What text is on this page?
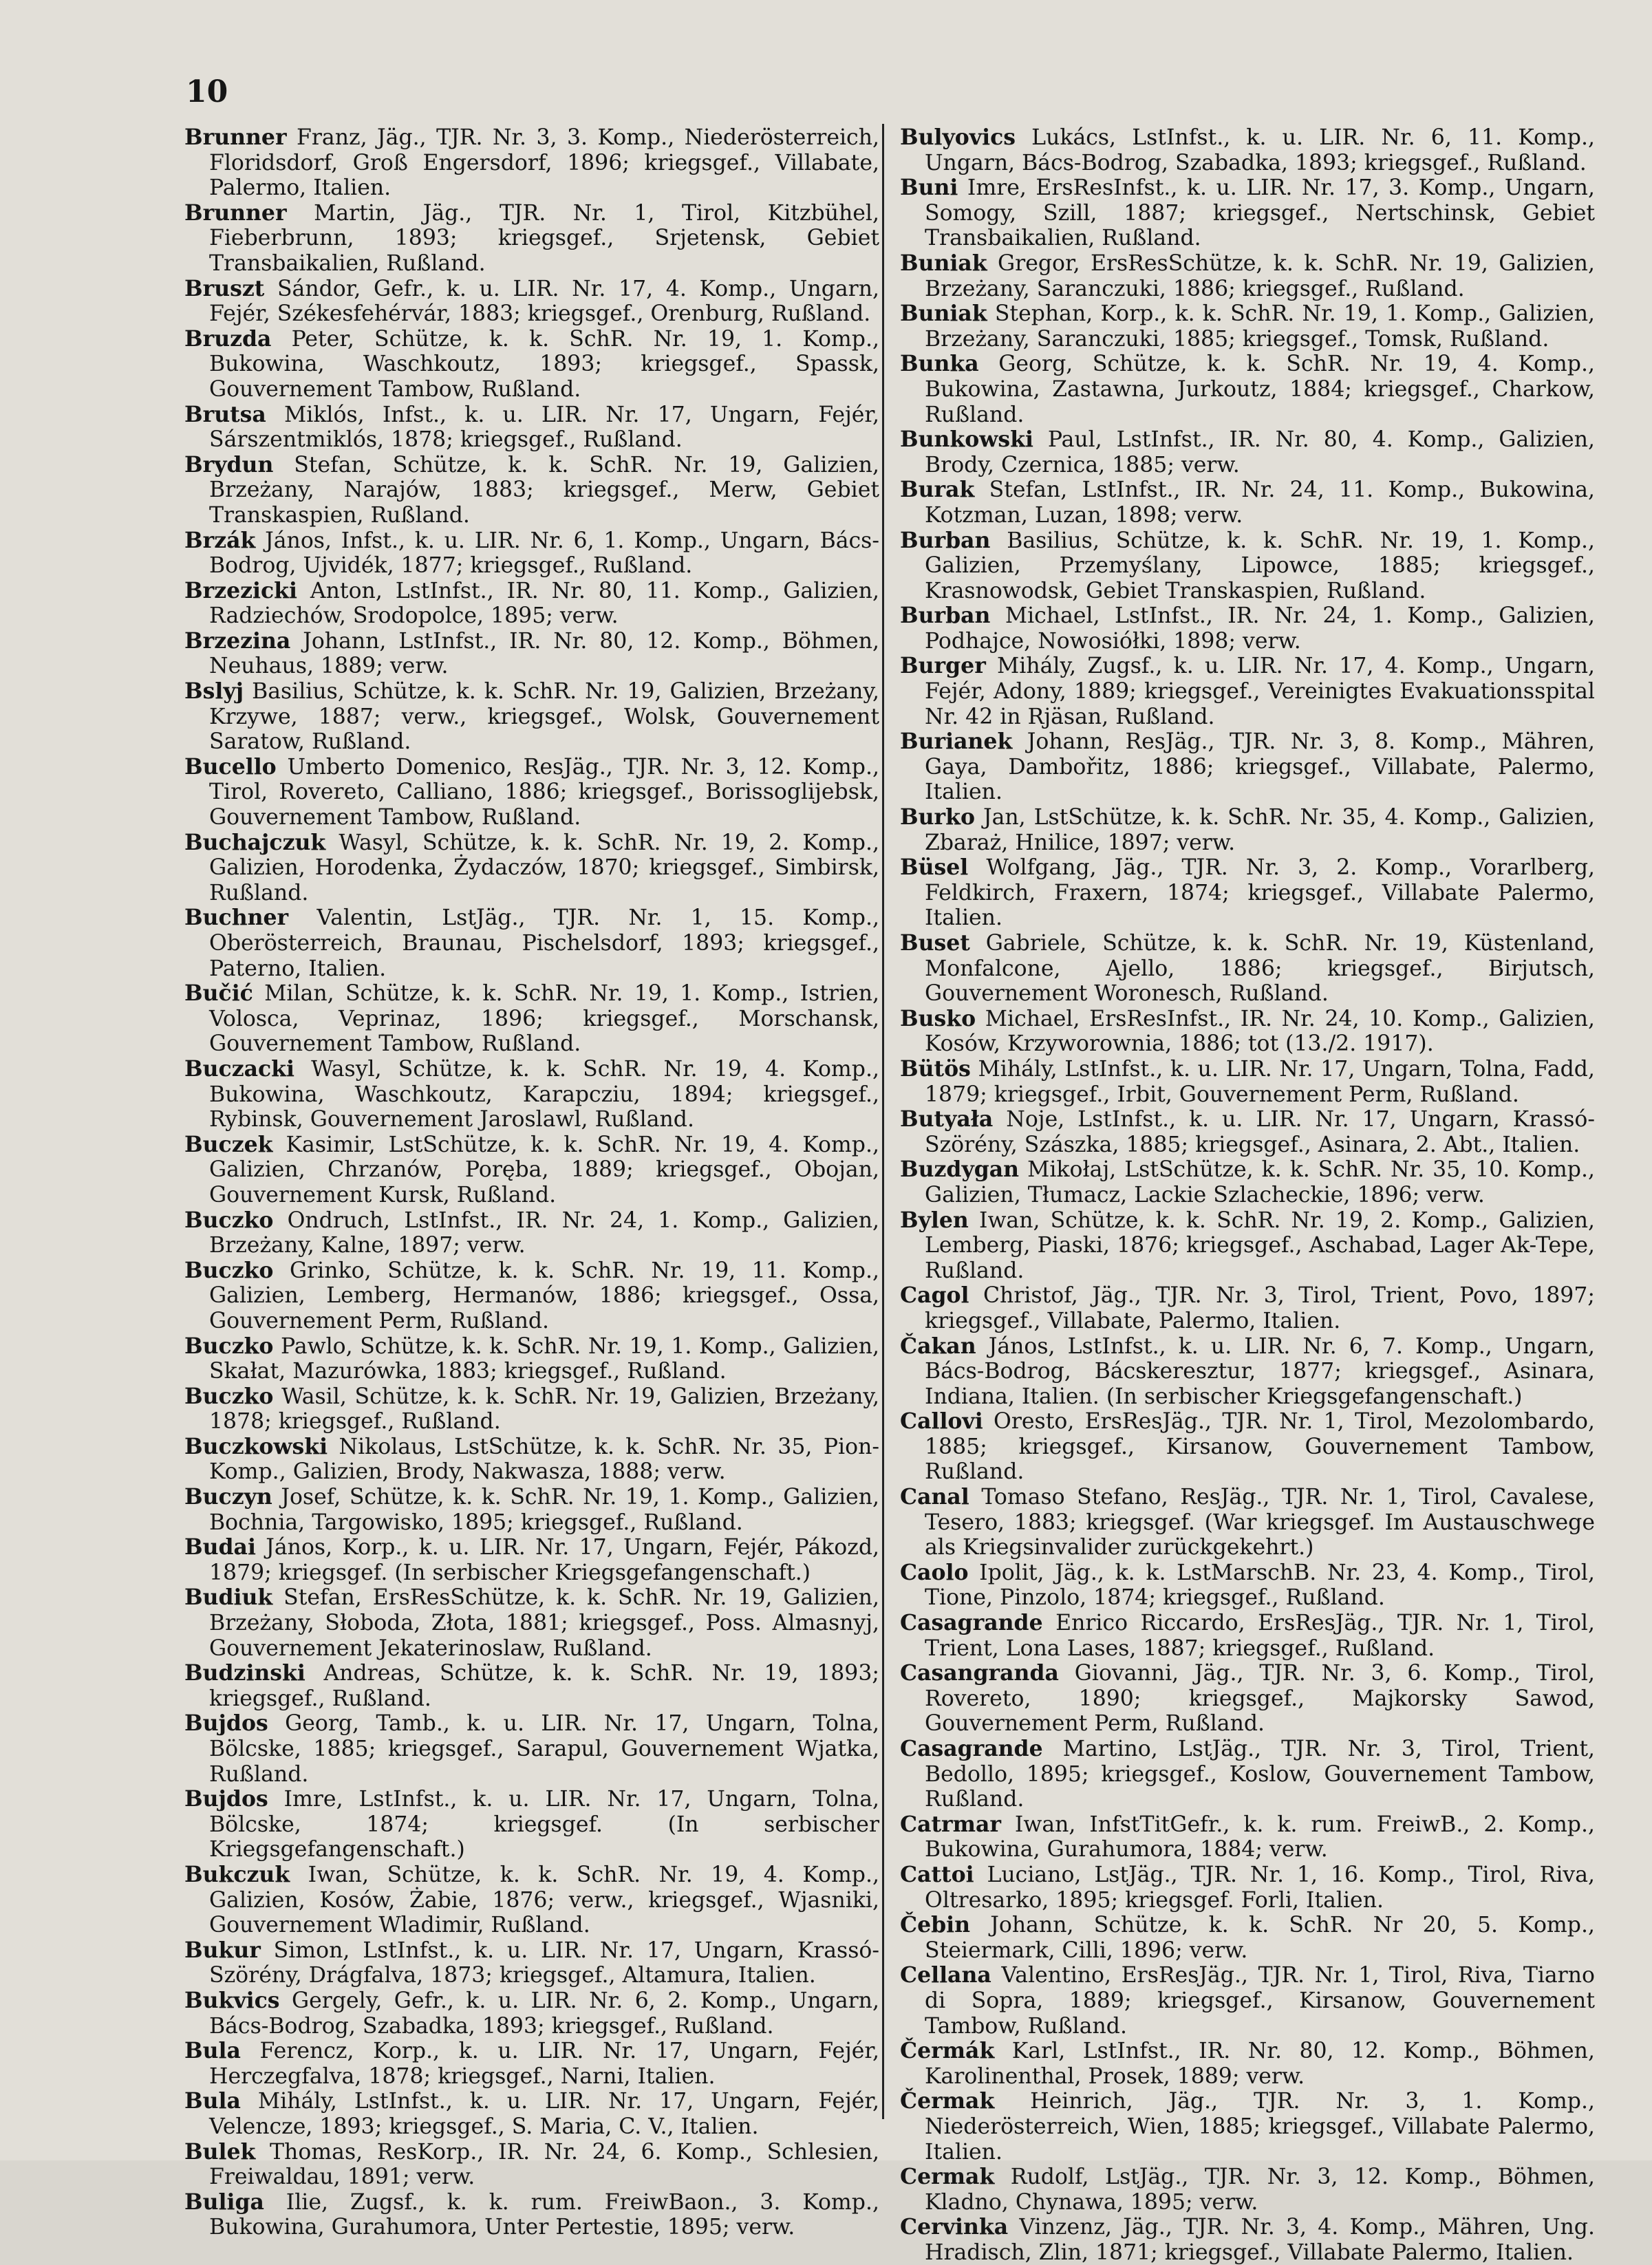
10

Brunner Franz, Jäg., TJR. Nr. 3, 3. Komp., Niederösterreich, Floridsdorf, Groß Engersdorf, 1896; kriegsgef., Villabate, Palermo, Italien.

Brunner Martin, Jäg., TJR. Nr. 1, Tirol, Kitzbühel, Fieberbrunn, 1893; kriegsgef., Srjetensk, Gebiet Transbaikalien, Rußland.

Bruszt Sándor, Gefr., k. u. LIR. Nr. 17, 4. Komp., Ungarn, Fejér, Székesfehérvár, 1883; kriegsgef., Orenburg, Rußland.

Bruzda Peter, Schütze, k. k. SchR. Nr. 19, 1. Komp., Bukowina, Waschkoutz, 1893; kriegsgef., Spassk, Gouvernement Tambow, Rußland.

Brutsa Miklós, Infst., k. u. LIR. Nr. 17, Ungarn, Fejér, Sárszentmiklós, 1878; kriegsgef., Rußland.

Brydun Stefan, Schütze, k. k. SchR. Nr. 19, Galizien, Brzeżany, Narajów, 1883; kriegsgef., Merw, Gebiet Transkaspien, Rußland.

Brzák János, Infst., k. u. LIR. Nr. 6, 1. Komp., Ungarn, Bács-Bodrog, Ujvidék, 1877; kriegsgef., Rußland.

Brzezicki Anton, LstInfst., IR. Nr. 80, 11. Komp., Galizien, Radziechów, Srodopolce, 1895; verw.

Brzezina Johann, LstInfst., IR. Nr. 80, 12. Komp., Böhmen, Neuhaus, 1889; verw.

Bslyj Basilius, Schütze, k. k. SchR. Nr. 19, Galizien, Brzeżany, Krzywe, 1887; verw., kriegsgef., Wolsk, Gouvernement Saratow, Rußland.

Bucello Umberto Domenico, ResJäg., TJR. Nr. 3, 12. Komp., Tirol, Rovereto, Calliano, 1886; kriegsgef., Borissoglijebsk, Gouvernement Tambow, Rußland.

Buchajczuk Wasyl, Schütze, k. k. SchR. Nr. 19, 2. Komp., Galizien, Horodenka, Żydaczów, 1870; kriegsgef., Simbirsk, Rußland.

Buchner Valentin, LstJäg., TJR. Nr. 1, 15. Komp., Oberösterreich, Braunau, Pischelsdorf, 1893; kriegsgef., Paterno, Italien.

Bučić Milan, Schütze, k. k. SchR. Nr. 19, 1. Komp., Istrien, Volosca, Veprinaz, 1896; kriegsgef., Morschansk, Gouvernement Tambow, Rußland.

Buczacki Wasyl, Schütze, k. k. SchR. Nr. 19, 4. Komp., Bukowina, Waschkoutz, Karapcziu, 1894; kriegsgef., Rybinsk, Gouvernement Jaroslawl, Rußland.

Buczek Kasimir, LstSchütze, k. k. SchR. Nr. 19, 4. Komp., Galizien, Chrzanów, Poręba, 1889; kriegsgef., Obojan, Gouvernement Kursk, Rußland.

Buczko Ondruch, LstInfst., IR. Nr. 24, 1. Komp., Galizien, Brzeżany, Kalne, 1897; verw.

Buczko Grinko, Schütze, k. k. SchR. Nr. 19, 11. Komp., Galizien, Lemberg, Hermanów, 1886; kriegsgef., Ossa, Gouvernement Perm, Rußland.

Buczko Pawlo, Schütze, k. k. SchR. Nr. 19, 1. Komp., Galizien, Skałat, Mazurówka, 1883; kriegsgef., Rußland.

Buczko Wasil, Schütze, k. k. SchR. Nr. 19, Galizien, Brzeżany, 1878; kriegsgef., Rußland.

Buczkowski Nikolaus, LstSchütze, k. k. SchR. Nr. 35, Pion-Komp., Galizien, Brody, Nakwasza, 1888; verw.

Buczyn Josef, Schütze, k. k. SchR. Nr. 19, 1. Komp., Galizien, Bochnia, Targowisko, 1895; kriegsgef., Rußland.

Budai János, Korp., k. u. LIR. Nr. 17, Ungarn, Fejér, Pákozd, 1879; kriegsgef. (In serbischer Kriegsgefangenschaft.)

Budiuk Stefan, ErsResSchütze, k. k. SchR. Nr. 19, Galizien, Brzeżany, Słoboda, Złota, 1881; kriegsgef., Poss. Almasnyj, Gouvernement Jekaterinoslaw, Rußland.

Budzinski Andreas, Schütze, k. k. SchR. Nr. 19, 1893; kriegsgef., Rußland.

Bujdos Georg, Tamb., k. u. LIR. Nr. 17, Ungarn, Tolna, Bölcske, 1885; kriegsgef., Sarapul, Gouvernement Wjatka, Rußland.

Bujdos Imre, LstInfst., k. u. LIR. Nr. 17, Ungarn, Tolna, Bölcske, 1874; kriegsgef. (In serbischer Kriegsgefangenschaft.)

Bukczuk Iwan, Schütze, k. k. SchR. Nr. 19, 4. Komp., Galizien, Kosów, Żabie, 1876; verw., kriegsgef., Wjasniki, Gouvernement Wladimir, Rußland.

Bukur Simon, LstInfst., k. u. LIR. Nr. 17, Ungarn, Krassó-Szörény, Drágfalva, 1873; kriegsgef., Altamura, Italien.

Bukvics Gergely, Gefr., k. u. LIR. Nr. 6, 2. Komp., Ungarn, Bács-Bodrog, Szabadka, 1893; kriegsgef., Rußland.

Bula Ferencz, Korp., k. u. LIR. Nr. 17, Ungarn, Fejér, Herczegfalva, 1878; kriegsgef., Narni, Italien.

Bula Mihály, LstInfst., k. u. LIR. Nr. 17, Ungarn, Fejér, Velencze, 1893; kriegsgef., S. Maria, C. V., Italien.

Bulek Thomas, ResKorp., IR. Nr. 24, 6. Komp., Schlesien, Freiwaldau, 1891; verw.

Buliga Ilie, Zugsf., k. k. rum. FreiwBaon., 3. Komp., Bukowina, Gurahumora, Unter Pertestie, 1895; verw.

Bulyovics Lukács, LstInfst., k. u. LIR. Nr. 6, 11. Komp., Ungarn, Bács-Bodrog, Szabadka, 1893; kriegsgef., Rußland.

Buni Imre, ErsResInfst., k. u. LIR. Nr. 17, 3. Komp., Ungarn, Somogy, Szill, 1887; kriegsgef., Nertschinsk, Gebiet Transbaikalien, Rußland.

Buniak Gregor, ErsResSchütze, k. k. SchR. Nr. 19, Galizien, Brzeżany, Saranczuki, 1886; kriegsgef., Rußland.

Buniak Stephan, Korp., k. k. SchR. Nr. 19, 1. Komp., Galizien, Brzeżany, Saranczuki, 1885; kriegsgef., Tomsk, Rußland.

Bunka Georg, Schütze, k. k. SchR. Nr. 19, 4. Komp., Bukowina, Zastawna, Jurkoutz, 1884; kriegsgef., Charkow, Rußland.

Bunkowski Paul, LstInfst., IR. Nr. 80, 4. Komp., Galizien, Brody, Czernica, 1885; verw.

Burak Stefan, LstInfst., IR. Nr. 24, 11. Komp., Bukowina, Kotzman, Luzan, 1898; verw.

Burban Basilius, Schütze, k. k. SchR. Nr. 19, 1. Komp., Galizien, Przemyślany, Lipowce, 1885; kriegsgef., Krasnowodsk, Gebiet Transkaspien, Rußland.

Burban Michael, LstInfst., IR. Nr. 24, 1. Komp., Galizien, Podhajce, Nowosiółki, 1898; verw.

Burger Mihály, Zugsf., k. u. LIR. Nr. 17, 4. Komp., Ungarn, Fejér, Adony, 1889; kriegsgef., Vereinigtes Evakuationsspital Nr. 42 in Rjäsan, Rußland.

Burianek Johann, ResJäg., TJR. Nr. 3, 8. Komp., Mähren, Gaya, Dambořitz, 1886; kriegsgef., Villabate, Palermo, Italien.

Burko Jan, LstSchütze, k. k. SchR. Nr. 35, 4. Komp., Galizien, Zbaraż, Hnilice, 1897; verw.

Büsel Wolfgang, Jäg., TJR. Nr. 3, 2. Komp., Vorarlberg, Feldkirch, Fraxern, 1874; kriegsgef., Villabate Palermo, Italien.

Buset Gabriele, Schütze, k. k. SchR. Nr. 19, Küstenland, Monfalcone, Ajello, 1886; kriegsgef., Birjutsch, Gouvernement Woronesch, Rußland.

Busko Michael, ErsResInfst., IR. Nr. 24, 10. Komp., Galizien, Kosów, Krzyworownia, 1886; tot (13./2. 1917).

Bütös Mihály, LstInfst., k. u. LIR. Nr. 17, Ungarn, Tolna, Fadd, 1879; kriegsgef., Irbit, Gouvernement Perm, Rußland.

Butyała Noje, LstInfst., k. u. LIR. Nr. 17, Ungarn, Krassó-Szörény, Szászka, 1885; kriegsgef., Asinara, 2. Abt., Italien.

Buzdygan Mikołaj, LstSchütze, k. k. SchR. Nr. 35, 10. Komp., Galizien, Tłumacz, Lackie Szlacheckie, 1896; verw.

Bylen Iwan, Schütze, k. k. SchR. Nr. 19, 2. Komp., Galizien, Lemberg, Piaski, 1876; kriegsgef., Aschabad, Lager Ak-Tepe, Rußland.

Cagol Christof, Jäg., TJR. Nr. 3, Tirol, Trient, Povo, 1897; kriegsgef., Villabate, Palermo, Italien.

Čakan János, LstInfst., k. u. LIR. Nr. 6, 7. Komp., Ungarn, Bács-Bodrog, Bácskeresztur, 1877; kriegsgef., Asinara, Indiana, Italien. (In serbischer Kriegsgefangenschaft.)

Callovi Oresto, ErsResJäg., TJR. Nr. 1, Tirol, Mezolombardo, 1885; kriegsgef., Kirsanow, Gouvernement Tambow, Rußland.

Canal Tomaso Stefano, ResJäg., TJR. Nr. 1, Tirol, Cavalese, Tesero, 1883; kriegsgef. (War kriegsgef. Im Austauschwege als Kriegsinvalider zurückgekehrt.)

Caolo Ipolit, Jäg., k. k. LstMarschB. Nr. 23, 4. Komp., Tirol, Tione, Pinzolo, 1874; kriegsgef., Rußland.

Casagrande Enrico Riccardo, ErsResJäg., TJR. Nr. 1, Tirol, Trient, Lona Lases, 1887; kriegsgef., Rußland.

Casangranda Giovanni, Jäg., TJR. Nr. 3, 6. Komp., Tirol, Rovereto, 1890; kriegsgef., Majkorsky Sawod, Gouvernement Perm, Rußland.

Casagrande Martino, LstJäg., TJR. Nr. 3, Tirol, Trient, Bedollo, 1895; kriegsgef., Koslow, Gouvernement Tambow, Rußland.

Catrmar Iwan, InfstTitGefr., k. k. rum. FreiwB., 2. Komp., Bukowina, Gurahumora, 1884; verw.

Cattoi Luciano, LstJäg., TJR. Nr. 1, 16. Komp., Tirol, Riva, Oltresarko, 1895; kriegsgef. Forli, Italien.

Čebin Johann, Schütze, k. k. SchR. Nr 20, 5. Komp., Steiermark, Cilli, 1896; verw.

Cellana Valentino, ErsResJäg., TJR. Nr. 1, Tirol, Riva, Tiarno di Sopra, 1889; kriegsgef., Kirsanow, Gouvernement Tambow, Rußland.

Čermák Karl, LstInfst., IR. Nr. 80, 12. Komp., Böhmen, Karolinenthal, Prosek, 1889; verw.

Čermak Heinrich, Jäg., TJR. Nr. 3, 1. Komp., Niederösterreich, Wien, 1885; kriegsgef., Villabate Palermo, Italien.

Cermak Rudolf, LstJäg., TJR. Nr. 3, 12. Komp., Böhmen, Kladno, Chynawa, 1895; verw.

Cervinka Vinzenz, Jäg., TJR. Nr. 3, 4. Komp., Mähren, Ung. Hradisch, Zlin, 1871; kriegsgef., Villabate Palermo, Italien.
